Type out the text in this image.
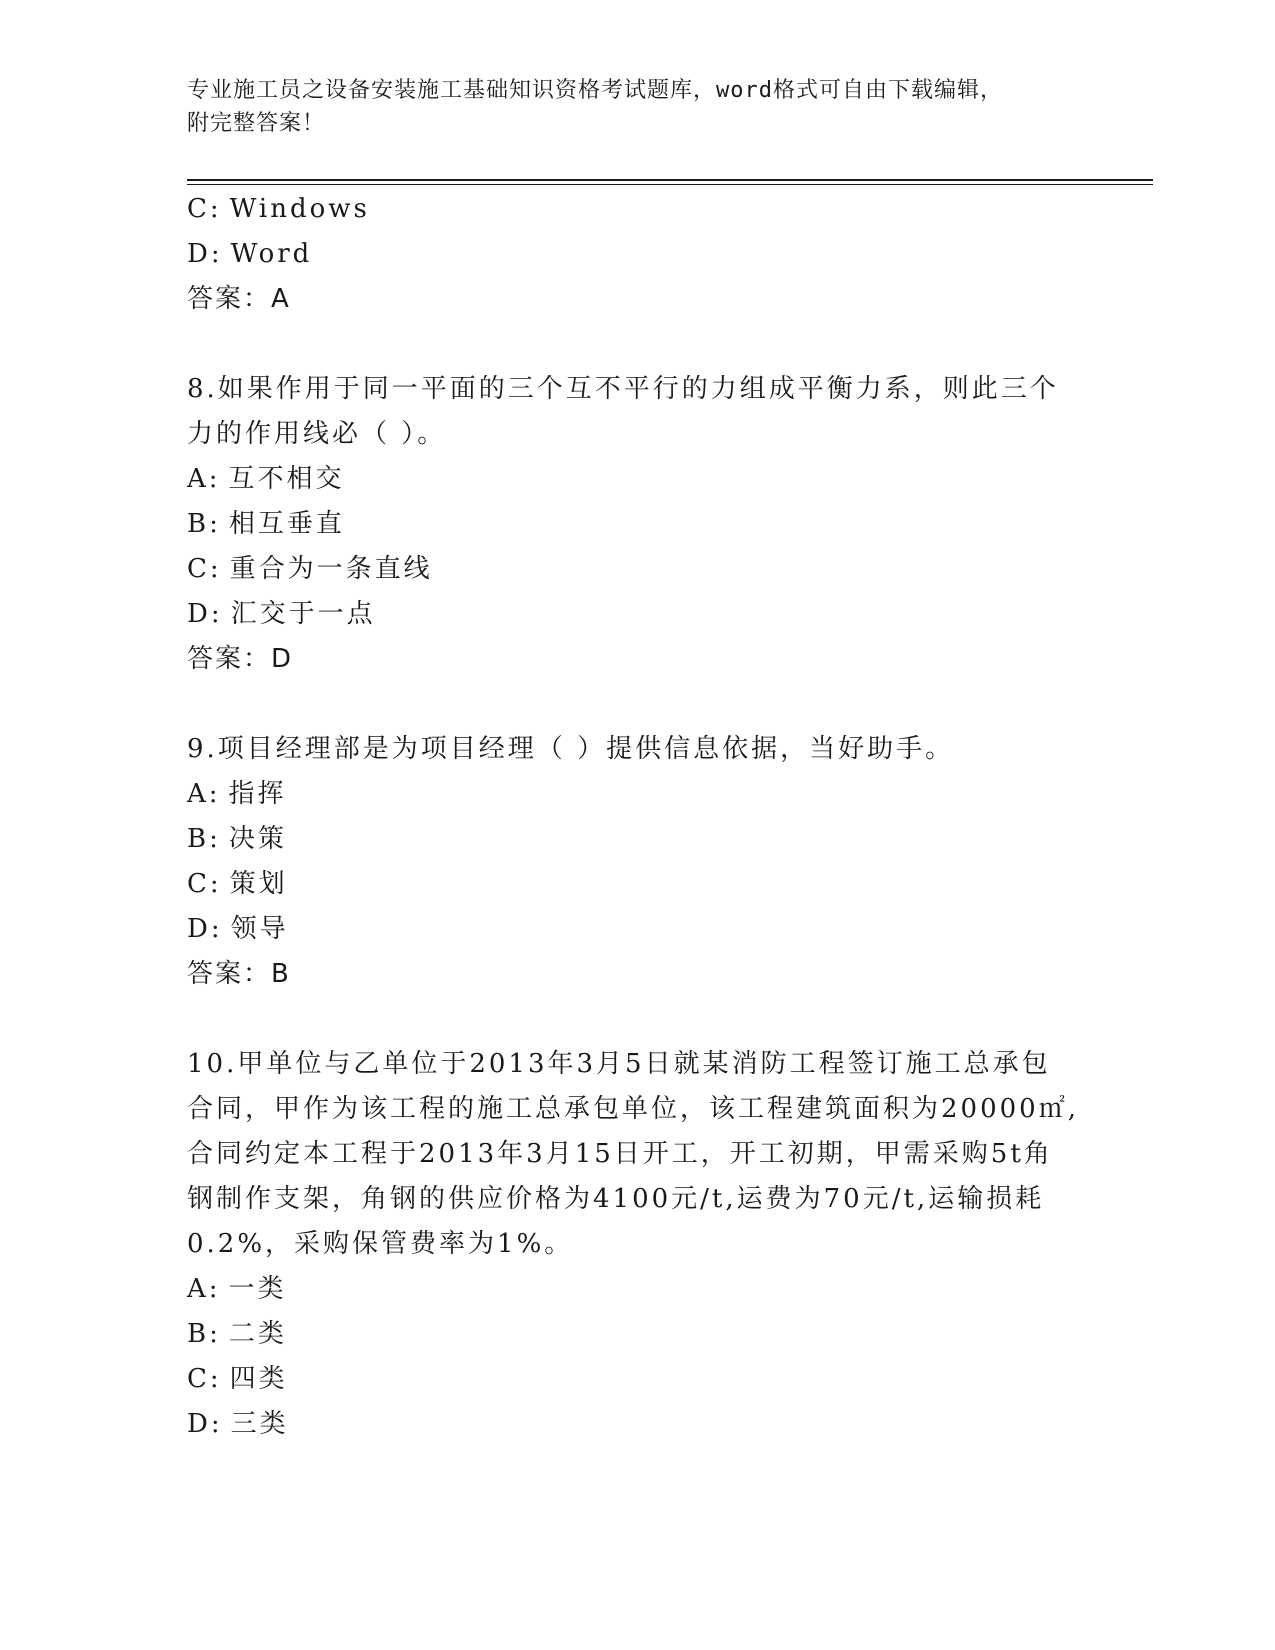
专业施工员之设备安装施工基础知识资格考试题库，word格式可自由下载编辑，
附完整答案！
C: Windows
D: Word
答案：A
8.如果作用于同一平面的三个互不平行的力组成平衡力系，则此三个
力的作用线必（ ）。
A: 互不相交
B: 相互垂直
C: 重合为一条直线
D: 汇交于一点
答案：D
9.项目经理部是为项目经理（ ）提供信息依据，当好助手。
A: 指挥
B: 决策
C: 策划
D: 领导
答案：B
10.甲单位与乙单位于2013年3月5日就某消防工程签订施工总承包
合同，甲作为该工程的施工总承包单位，该工程建筑面积为20000㎡,
合同约定本工程于2013年3月15日开工，开工初期，甲需采购5t角
钢制作支架，角钢的供应价格为4100元/t,运费为70元/t,运输损耗
0.2%，采购保管费率为1%。
A: 一类
B: 二类
C: 四类
D: 三类
